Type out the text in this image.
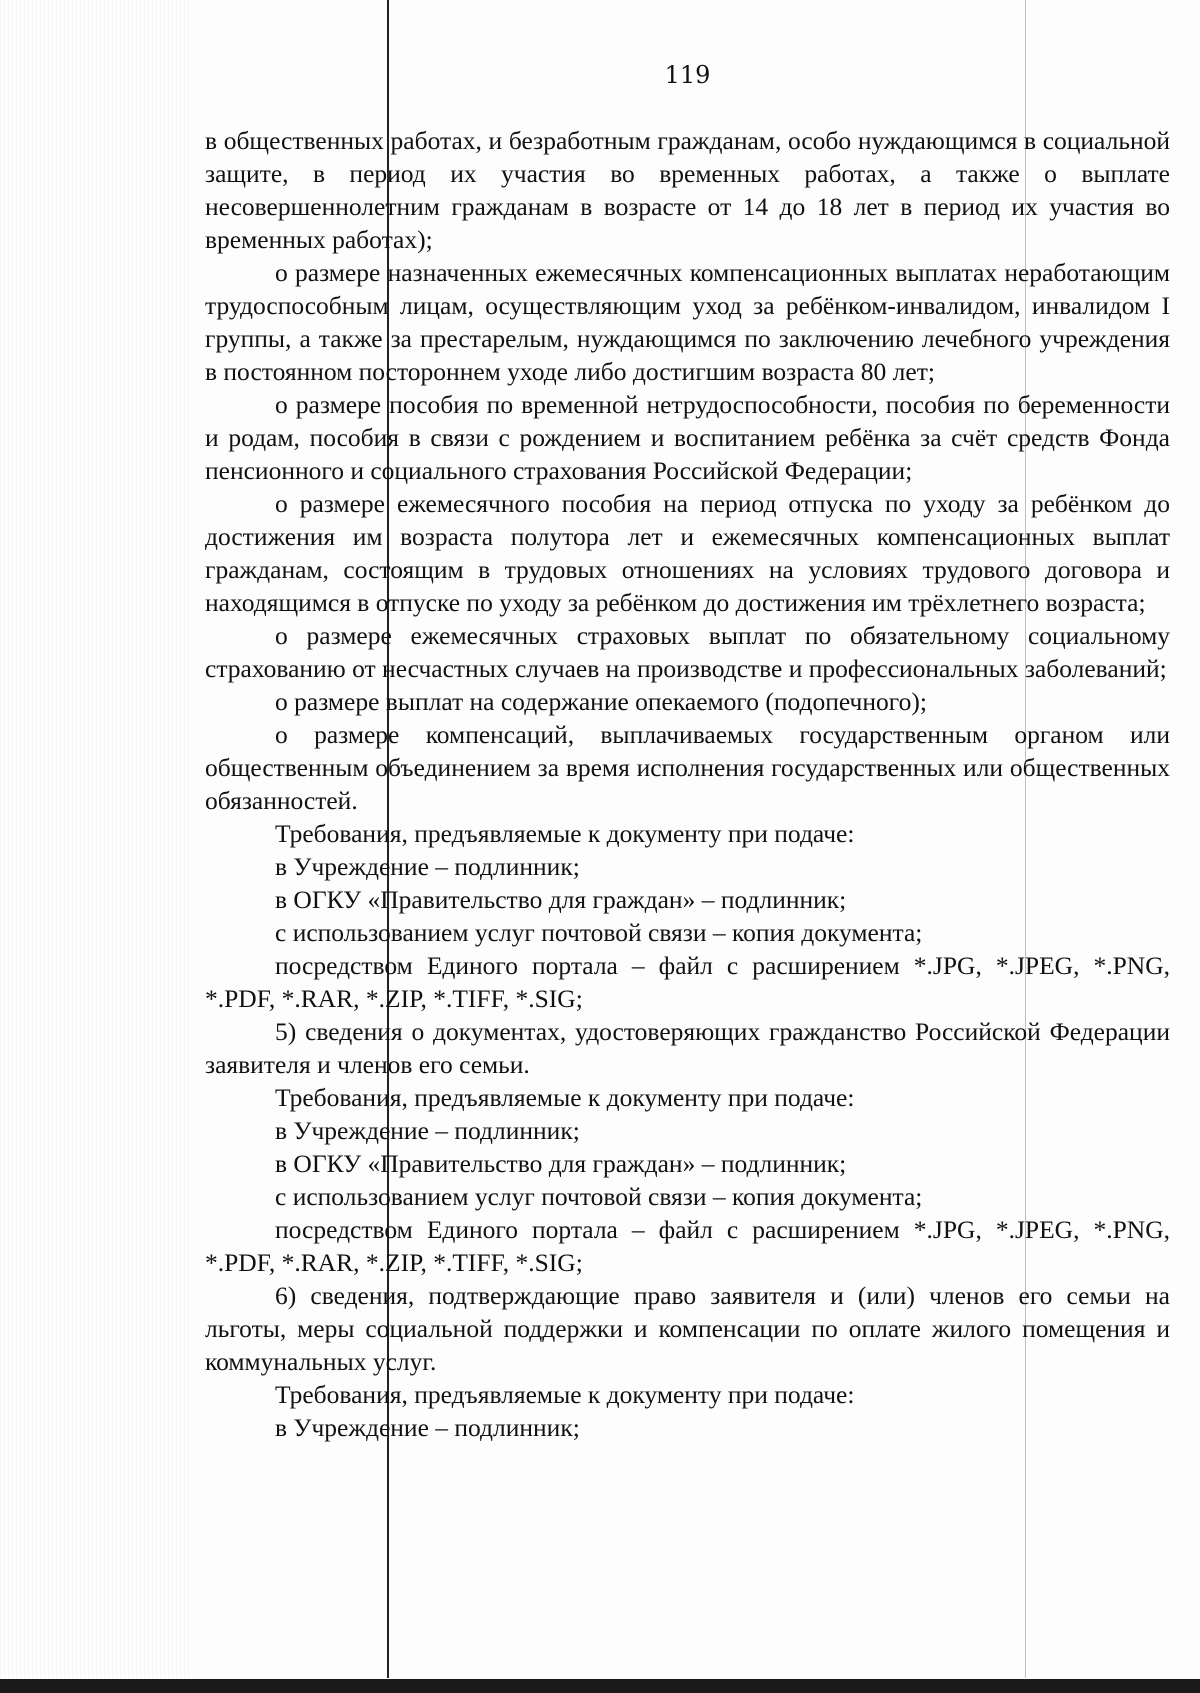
119

в общественных работах, и безработным гражданам, особо нуждающимся в социальной защите, в период их участия во временных работах, а также о выплате несовершеннолетним гражданам в возрасте от 14 до 18 лет в период их участия во временных работах);

о размере назначенных ежемесячных компенсационных выплатах неработающим трудоспособным лицам, осуществляющим уход за ребёнком-инвалидом, инвалидом I группы, а также за престарелым, нуждающимся по заключению лечебного учреждения в постоянном постороннем уходе либо достигшим возраста 80 лет;

о размере пособия по временной нетрудоспособности, пособия по беременности и родам, пособия в связи с рождением и воспитанием ребёнка за счёт средств Фонда пенсионного и социального страхования Российской Федерации;

о размере ежемесячного пособия на период отпуска по уходу за ребёнком до достижения им возраста полутора лет и ежемесячных компенсационных выплат гражданам, состоящим в трудовых отношениях на условиях трудового договора и находящимся в отпуске по уходу за ребёнком до достижения им трёхлетнего возраста;

о размере ежемесячных страховых выплат по обязательному социальному страхованию от несчастных случаев на производстве и профессиональных заболеваний;

о размере выплат на содержание опекаемого (подопечного);

о размере компенсаций, выплачиваемых государственным органом или общественным объединением за время исполнения государственных или общественных обязанностей.

Требования, предъявляемые к документу при подаче:

в Учреждение – подлинник;

в ОГКУ «Правительство для граждан» – подлинник;

с использованием услуг почтовой связи – копия документа;

посредством Единого портала – файл с расширением *.JPG, *.JPEG, *.PNG, *.PDF, *.RAR, *.ZIP, *.TIFF, *.SIG;

5) сведения о документах, удостоверяющих гражданство Российской Федерации заявителя и членов его семьи.

Требования, предъявляемые к документу при подаче:

в Учреждение – подлинник;

в ОГКУ «Правительство для граждан» – подлинник;

с использованием услуг почтовой связи – копия документа;

посредством Единого портала – файл с расширением *.JPG, *.JPEG, *.PNG, *.PDF, *.RAR, *.ZIP, *.TIFF, *.SIG;

6) сведения, подтверждающие право заявителя и (или) членов его семьи на льготы, меры социальной поддержки и компенсации по оплате жилого помещения и коммунальных услуг.

Требования, предъявляемые к документу при подаче:

в Учреждение – подлинник;
